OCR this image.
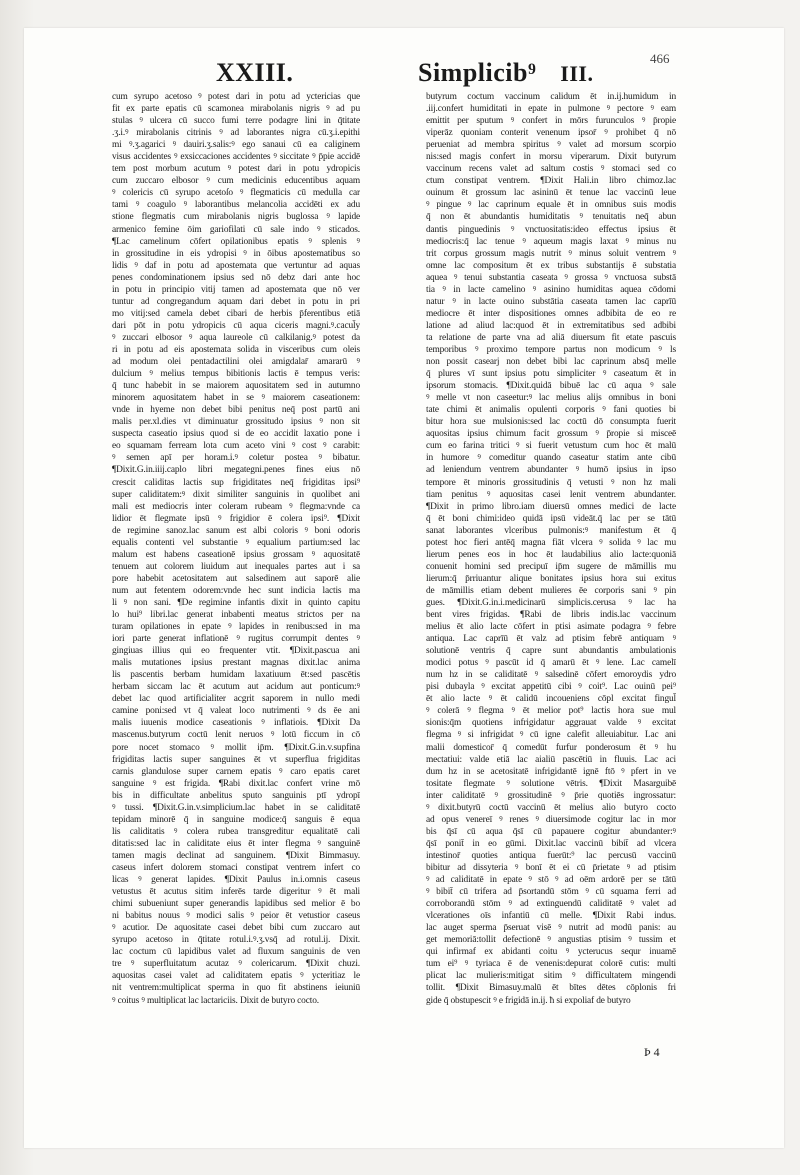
XXIII.	Simplicib⁹ III.
466
cum syrupo acetoso ꝰ potest dari in potu ad yctericias que
fit ex parte epatis cū scamonea mirabolanis nigris ꝰ ad pu
stulas ꝰ ulcera cū succo fumi terre podagre lini in q̄titate
.ʒ.i.ꝰ mirabolanis citrinis ꝰ ad laborantes nigra cū.ʒ.i.epithi
mi ꝰ.ʒ.agarici ꝰ dauiri.ʒ.salis:ꝰ ego sanaui cū ea caliginem
visus accidentes ꝰ exsiccaciones accidentes ꝰ siccitate ꝰ p̄pie accidē
tem post morbum acutum ꝰ potest dari in potu ydropicis
cum zuccaro elbosor ꝰ cum medicinis educentibus aquam
ꝰ colericis cū syrupo acetoſo ꝰ flegmaticis cū medulla car
tami ꝰ coagulo ꝰ laborantibus melancolia accidēti ex adu
stione flegmatis cum mirabolanis nigris buglossa ꝰ lapide
armenico femine ōim gariofilati cū sale indo ꝰ sticados.
¶Lac camelinum cōfert opilationibus epatis ꝰ splenis ꝰ
in grossitudine in eis ydropisi ꝰ in ōibus apostematibus so
lidis ꝰ daf in potu ad apostemata que vertuntur ad aquas
penes condominationem ipsius sed nō debz dari ante hoc
in potu in principio vitij tamen ad apostemata que nō ver
tuntur ad congregandum aquam dari debet in potu in pri
mo vitij:sed camela debet cibari de herbis p̄ferentibus etiā
dari pōt in potu ydropicis cū aqua ciceris magni.ꝰ.cacul̄y
ꝰ zuccari elbosor ꝰ aqua laureole cū calkilanig.ꝰ potest da
ri in potu ad eis apostemata solida in visceribus cum oleis
ad modum olei pentadactilini olei amigdalar̄ amararū ꝰ
dulcium ꝰ melius tempus bibitionis lactis ē tempus veris:
q̄ tunc habebit in se maiorem aquositatem sed in autumno
minorem aquositatem habet in se ꝰ maiorem caseationem:
vnde in hyeme non debet bibi penitus neq̄ post partū ani
malis per.xl.dies vt diminuatur grossitudo ipsius ꝰ non sit
suspecta caseatio ipsius quod si de eo accidit laxatio pone i
eo squamam ferream lota cum aceto vini ꝰ cost ꝰ carabit:
ꝰ semen apī per horam.i.ꝰ coletur postea ꝰ bibatur.
¶Dixit.G.in.iiij.caplo libri megategni.penes fines eius nō
crescit caliditas lactis sup frigiditates neq̄ frigiditas ipsi⁹
super caliditatem:ꝰ dixit similiter sanguinis in quolibet ani
mali est mediocris inter coleram rubeam ꝰ flegma:vnde ca
lidior ēt flegmate ipsū ꝰ frigidior ē colera ipsi⁹. ¶Dixit
de regimine sanoz.lac sanum est albi coloris ꝰ boni odoris
equalis contenti vel substantie ꝰ equalium partium:sed lac
malum est habens caseationē ipsius grossam ꝰ aquositatē
tenuem aut colorem liuidum aut inequales partes aut i sa
pore habebit acetositatem aut salsedinem aut saporē alie
num aut fetentem odorem:vnde hec sunt indicia lactis ma
li ꝰ non sani. ¶De regimine infantis dixit in quinto capitu
lo hui⁹ libri.lac generat inbabenti meatus strictos per na
turam opilationes in epate ꝰ lapides in renibus:sed in ma
iori parte generat inflationē ꝰ rugitus corrumpit dentes ꝰ
gingiuas illius qui eo frequenter vtit. ¶Dixit.pascua ani
malis mutationes ipsius prestant magnas dixit.lac anima
lis pascentis berbam humidam laxatiuum ēt:sed pascētis
herbam siccam lac ēt acutum aut acidum aut ponticum:ꝰ
debet lac quod artificialiter acgrit saporem in nullo medi
camine poni:sed vt q̄ valeat loco nutrimenti ꝰ ds ēe ani
malis iuuenis modice caseationis ꝰ inflatiois. ¶Dixit Da
mascenus.butyrum coctū lenit neruos ꝰ lotū ficcum in cō
pore nocet stomaco ꝰ mollit ip̄m. ¶Dixit.G.in.v.supfina
frigiditas lactis super sanguines ēt vt superflua frigiditas
carnis glandulose super carnem epatis ꝰ caro epatis caret
sanguine ꝰ est frigida. ¶Rabi dixit.lac confert vrine mō
bis in difficultate anbelitus sputo sanguinis ptī ydropī
ꝰ tussi. ¶Dixit.G.in.v.simplicium.lac habet in se caliditatē
tepidam minorē q̄ in sanguine modice:q̄ sanguis ē equa
lis caliditatis ꝰ colera rubea transgreditur equalitatē cali
ditatis:sed lac in caliditate eius ēt inter flegma ꝰ sanguinē
tamen magis declinat ad sanguinem. ¶Dixit Bimmasuy.
caseus infert dolorem stomaci constipat ventrem infert co
licas ꝰ generat lapides. ¶Dixit Paulus in.i.omnis caseus
vetustus ēt acutus sitim inferēs tarde digeritur ꝰ ēt mali
chimi subueniunt super generandis lapidibus sed melior ē bo
ni babitus nouus ꝰ modici salis ꝰ peior ēt vetustior caseus
ꝰ acutior. De aquositate casei debet bibi cum zuccaro aut
syrupo acetoso in q̄titate rotul.i.ꝰ.ʒ.vsq̄ ad rotul.ij. Dixit.
lac coctum cū lapidibus valet ad fluxum sanguinis de ven
tre ꝰ superfluitatum acutaz ꝰ colericarum. ¶Dixit chuzi.
aquositas casei valet ad caliditatem epatis ꝰ ycteritiaz le
nit ventrem:multiplicat sperma in quo fit abstinens ieiuniū
ꝰ coitus ꝰ multiplicat lac lactariciis. Dixit de butyro cocto.
butyrum coctum vaccinum calidum ēt in.ij.humidum in
.iij.confert humiditati in epate in pulmone ꝰ pectore ꝰ eam
emittit per sputum ꝰ confert in mōrs furunculos ꝰ p̄ropie
viperāz quoniam conterit venenum ipsor̄ ꝰ prohibet q̄ nō
perueniat ad membra spiritus ꝰ valet ad morsum scorpio
nis:sed magis confert in morsu viperarum. Dixit butyrum
vaccinum recens valet ad saltum costis ꝰ stomaci sed co
ctum constipat ventrem. ¶Dixit Hali.in libro chimoz.lac
ouinum ēt grossum lac asininū ēt tenue lac vaccinū leue
ꝰ pingue ꝰ lac caprinum equale ēt in omnibus suis modis
q̄ non ēt abundantis humiditatis ꝰ tenuitatis neq̄ abun
dantis pinguedinis ꝰ vnctuositatis:ideo effectus ipsius ēt
mediocris:q̄ lac tenue ꝰ aqueum magis laxat ꝰ minus nu
trit corpus grossum magis nutrit ꝰ minus soluit ventrem ꝰ
omne lac compositum ēt ex tribus substantijs ē substatia
aquea ꝰ tenui substantia caseata ꝰ grossa ꝰ vnctuosa substā
tia ꝰ in lacte camelino ꝰ asinino humiditas aquea cōdomi
natur ꝰ in lacte ouino substātia caseata tamen lac caprīū
mediocre ēt inter dispositiones omnes adbibita de eo re
latione ad aliud lac:quod ēt in extremitatibus sed adbibi
ta relatione de parte vna ad aliā diuersum fit etate pascuis
temporibus ꝰ proximo tempore partus non modicum ꝰ ls
non possit casearj non debet bibi lac caprinum absq̄ melle
q̄ plures vī sunt ipsius potu simpliciter ꝰ caseatum ēt in
ipsorum stomacis. ¶Dixit.quidā bibuē lac cū aqua ꝰ sale
ꝰ melle vt non caseetur:ꝰ lac melius alijs omnibus in boni
tate chimi ēt animalis opulenti corporis ꝰ fani quoties bi
bitur hora sue mulsionis:sed lac coctū dō consumpta fuerit
aquositas ipsius chimum facit grossum ꝰ p̄ropie si misceē
cum eo farina tritici ꝰ si fuerit vetustum cum hoc ēt malū
in humore ꝰ comeditur quando caseatur statim ante cibū
ad leniendum ventrem abundanter ꝰ humō ipsius in ipso
tempore ēt minoris grossitudinis q̄ vetusti ꝰ non hz mali
tiam penitus ꝰ aquositas casei lenit ventrem abundanter.
¶Dixit in primo libro.iam diuersū omnes medici de lacte
q̄ ēt boni chimi:ideo quidā ipsū videāt.q̄ lac per se tātū
sanat laborantes vlceribus pulmonis:ꝰ manifestum ēt q̄
potest hoc fieri antēq̄ magna fiāt vlcera ꝰ solida ꝰ lac mu
lierum penes eos in hoc ēt laudabilius alio lacte:quoniā
conuenit homini sed precipuī ip̄m sugere de māmillis mu
lierum:q̄ p̄rriuantur alique bonitates ipsius hora sui exitus
de māmillis etiam debent mulieres ēe corporis sani ꝰ pin
gues. ¶Dixit.G.in.i.medicinarū simplicis.cerusa ꝰ lac ha
bent vires frigidas. ¶Rabi de libris indis.lac vaccinum
melius ēt alio lacte cōfert in ptisi asimate podagra ꝰ febre
antiqua. Lac caprīū ēt valz ad ptisim febrē antiquam ꝰ
solutionē ventris q̄ capre sunt abundantis ambulationis
modici potus ꝰ pascūt id q̄ amarū ēt ꝰ lene. Lac camelī
num hz in se caliditatē ꝰ salsedinē cōfert emoroydis ydro
pisi dubayla ꝰ excitat appetitū cibi ꝰ coit⁹. Lac ouinū pei⁹
ēt alio lacte ꝰ ēt calidū incoueniens cōpl excitat fingul̄
ꝰ colerā ꝰ flegma ꝰ ēt melior pot⁹ lactis hora sue mul
sionis:q̄m quotiens infrigidatur aggrauat valde ꝰ excitat
flegma ꝰ si infrigidat ꝰ cū igne calefit alleuiabitur. Lac ani
malii domesticor̄ q̄ comedūt furfur ponderosum ēt ꝰ hu
mectatiui: valde etiā lac aialiū pascētiū in fluuis. Lac aci
dum hz in se acetositatē infrigidantē ignē ftō ꝰ pfert in ve
tositate flegmate ꝰ solutione vētris. ¶Dixit Masarguibē
inter caliditatē ꝰ grossitudinē ꝰ p̄rie quotiēs ingrossatur:
ꝰ dixit.butyrū coctū vaccinū ēt melius alio butyro cocto
ad opus venereī ꝰ renes ꝰ diuersimode cogitur lac in mor
bis q̄sī cū aqua q̄sī cū papauere cogitur abundanter:ꝰ
q̄sī ponit̄ in eo gūmi. Dixit.lac vaccinū bibit̄ ad vlcera
intestinor̄ quoties antiqua fuerūt:⁹ lac percusū vaccinū
bibitur ad dissyteria ꝰ bonī ēt ei cū p̄rietate ꝰ ad ptisim
ꝰ ad caliditatē in epate ꝰ stō ꝰ ad oēm ardorē per se tātū
ꝰ bibit̄ cū trifera ad p̄sortandū stōm ꝰ cū squama ferri ad
corroborandū stōm ꝰ ad extinguendū caliditatē ꝰ valet ad
vlcerationes oīs infantiū cū melle. ¶Dixit Rabi indus.
lac auget sperma p̄seruat visē ꝰ nutrit ad modū panis: au
get memoriā:tollit defectionē ꝰ angustias ptisim ꝰ tussim et
qui infirmaf ex abidanti coitu ꝰ ycterucus sequr inuamē
tum ei⁹ ꝰ tyriaca ē de venenis:depurat colorē cutis: multi
plicat lac mulieris:mitigat sitim ꝰ difficultatem mingendi
tollit. ¶Dixit Bimasuy.malū ēt bītes dētes cōplonis fri
gide q̄ obstupescit ꝰ e frigidā in.ij. ħ si expoliaf de butyro
Þ 4
